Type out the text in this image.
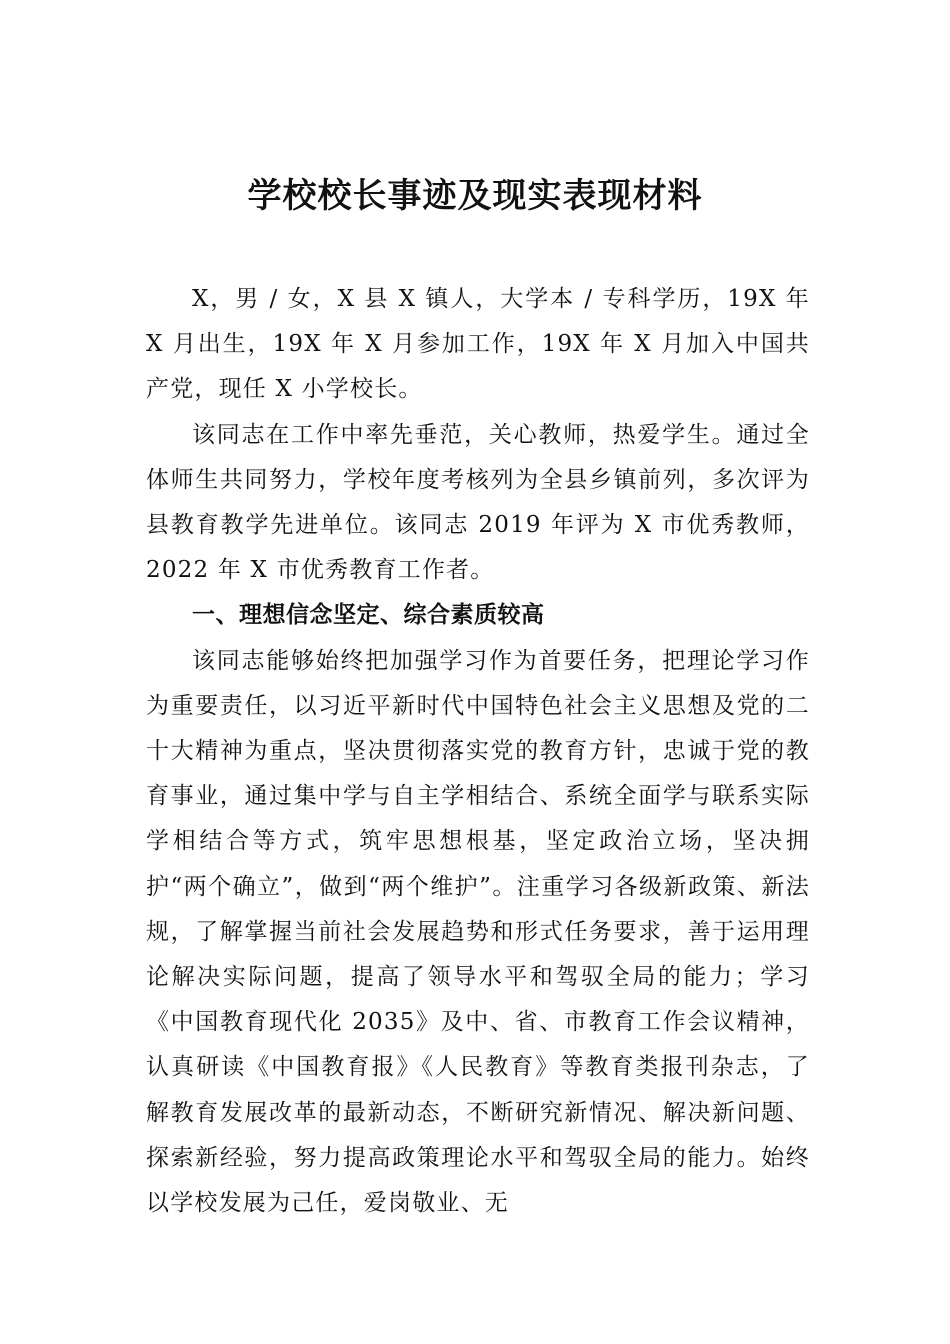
学校校长事迹及现实表现材料

X，男 / 女，X 县 X 镇人，大学本 / 专科学历，19X 年 X 月出生，19X 年 X 月参加工作，19X 年 X 月加入中国共产党，现任 X 小学校长。

该同志在工作中率先垂范，关心教师，热爱学生。通过全体师生共同努力，学校年度考核列为全县乡镇前列，多次评为县教育教学先进单位。该同志 2019 年评为 X 市优秀教师，2022 年 X 市优秀教育工作者。

一、理想信念坚定、综合素质较高

该同志能够始终把加强学习作为首要任务，把理论学习作为重要责任，以习近平新时代中国特色社会主义思想及党的二十大精神为重点，坚决贯彻落实党的教育方针，忠诚于党的教育事业，通过集中学与自主学相结合、系统全面学与联系实际学相结合等方式，筑牢思想根基，坚定政治立场，坚决拥护“两个确立”，做到“两个维护”。注重学习各级新政策、新法规，了解掌握当前社会发展趋势和形式任务要求，善于运用理论解决实际问题，提高了领导水平和驾驭全局的能力；学习《中国教育现代化 2035》及中、省、市教育工作会议精神，认真研读《中国教育报》《人民教育》等教育类报刊杂志，了解教育发展改革的最新动态，不断研究新情况、解决新问题、探索新经验，努力提高政策理论水平和驾驭全局的能力。始终以学校发展为己任，爱岗敬业、无
